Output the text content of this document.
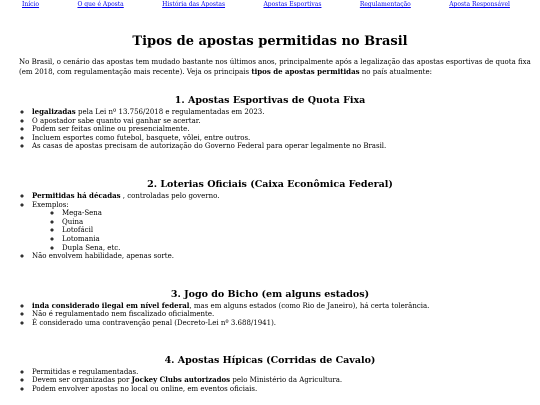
Início	O que é Aposta	História das Apostas	Apostas Esportivas	Regulamentação	Aposta Responsável
Tipos de apostas permitidas no Brasil

No Brasil, o cenário das apostas tem mudado bastante nos últimos anos, principalmente após a legalização das apostas esportivas de quota fixa (em 2018, com regulamentação mais recente). Veja os principais tipos de apostas permitidas no país atualmente:

1. Apostas Esportivas de Quota Fixa
◦ legalizadas pela Lei nº 13.756/2018 e regulamentadas em 2023.
◦ O apostador sabe quanto vai ganhar se acertar.
◦ Podem ser feitas online ou presencialmente.
◦ Incluem esportes como futebol, basquete, vôlei, entre outros.
◦ As casas de apostas precisam de autorização do Governo Federal para operar legalmente no Brasil.
2. Loterias Oficiais (Caixa Econômica Federal)
◦ Permitidas há décadas , controladas pelo governo.
◦ Exemplos:
◦ Mega-Sena
◦ Quina
◦ Lotofácil
◦ Lotomania
◦ Dupla Sena, etc.
◦ Não envolvem habilidade, apenas sorte.
3. Jogo do Bicho (em alguns estados)
◦ inda considerado ilegal em nível federal, mas em alguns estados (como Rio de Janeiro), há certa tolerância.
◦ Não é regulamentado nem fiscalizado oficialmente.
◦ É considerado uma contravenção penal (Decreto-Lei nº 3.688/1941).
4. Apostas Hípicas (Corridas de Cavalo)
◦ Permitidas e regulamentadas.
◦ Devem ser organizadas por Jockey Clubs autorizados pelo Ministério da Agricultura.
◦ Podem envolver apostas no local ou online, em eventos oficiais.
